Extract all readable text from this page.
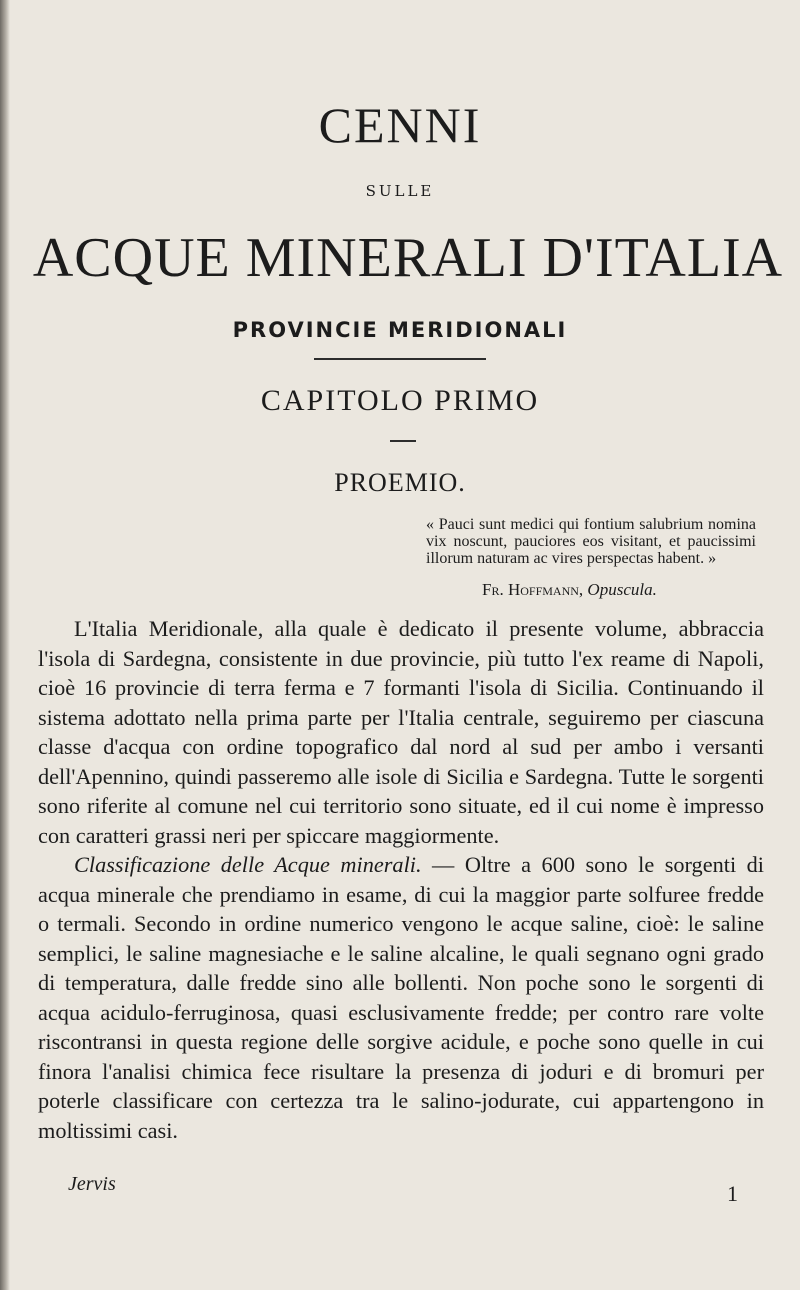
CENNI
SULLE
ACQUE MINERALI D'ITALIA
PROVINCIE MERIDIONALI
CAPITOLO PRIMO
PROEMIO.
« Pauci sunt medici qui fontium salubrium nomina vix noscunt, pauciores eos visitant, et paucissimi illorum naturam ac vires perspectas habent. »
Fr. Hoffmann, Opuscula.

L'Italia Meridionale, alla quale è dedicato il presente volume, abbraccia l'isola di Sardegna, consistente in due provincie, più tutto l'ex reame di Napoli, cioè 16 provincie di terra ferma e 7 formanti l'isola di Sicilia. Continuando il sistema adottato nella prima parte per l'Italia centrale, seguiremo per ciascuna classe d'acqua con ordine topografico dal nord al sud per ambo i versanti dell'Apennino, quindi passeremo alle isole di Sicilia e Sardegna. Tutte le sorgenti sono riferite al comune nel cui territorio sono situate, ed il cui nome è impresso con caratteri grassi neri per spiccare maggiormente.

Classificazione delle Acque minerali. — Oltre a 600 sono le sorgenti di acqua minerale che prendiamo in esame, di cui la maggior parte solfuree fredde o termali. Secondo in ordine numerico vengono le acque saline, cioè: le saline semplici, le saline magnesiache e le saline alcaline, le quali segnano ogni grado di temperatura, dalle fredde sino alle bollenti. Non poche sono le sorgenti di acqua acidulo-ferruginosa, quasi esclusivamente fredde; per contro rare volte riscontransi in questa regione delle sorgive acidule, e poche sono quelle in cui finora l'analisi chimica fece risultare la presenza di joduri e di bromuri per poterle classificare con certezza tra le salino-jodurate, cui appartengono in moltissimi casi.

Jervis	1
